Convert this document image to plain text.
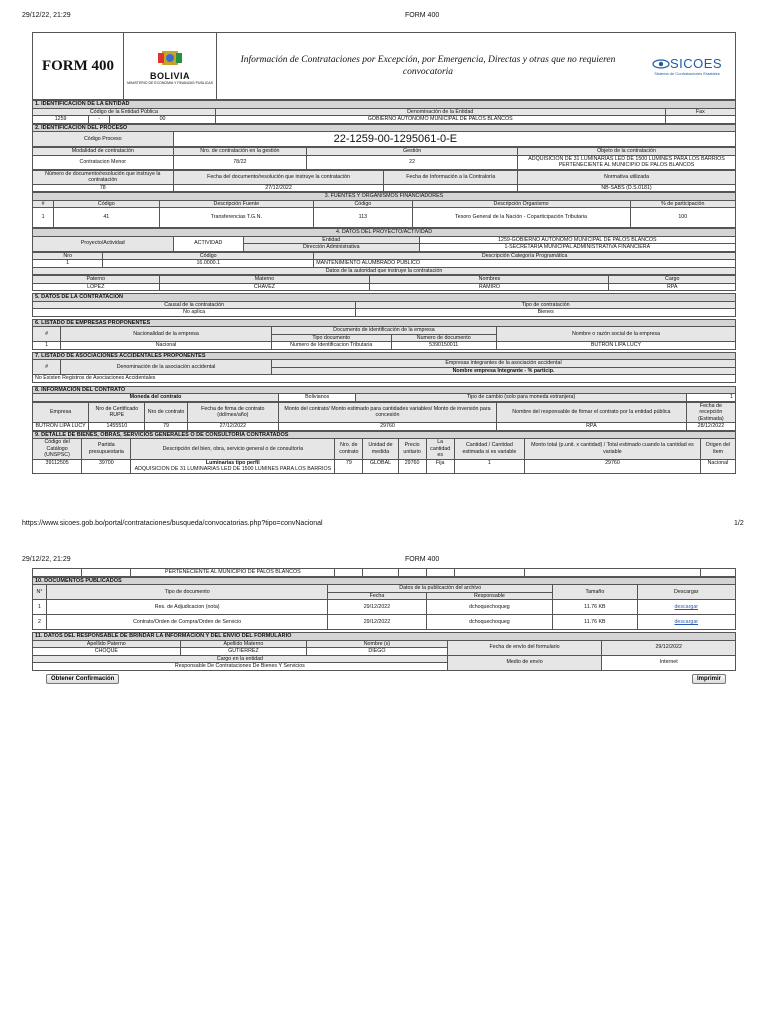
29/12/22, 21:29	FORM 400
FORM 400
BOLIVIA
MINISTERIO DE ECONOMIA Y FINANZAS PUBLICAS
Información de Contrataciones por Excepción, por Emergencia, Directas y otras que no requieren convocatoria
SICOES
Sistema de Contrataciones Estatales
1. IDENTIFICACIÓN DE LA ENTIDAD				
Código de la Entidad Pública			Denominación de la Entidad	Fax
1259	-	00	GOBIERNO AUTONOMO MUNICIPAL DE PALOS BLANCOS	
2. IDENTIFICACIÓN DEL PROCESO
Código Proceso	22-1259-00-1295061-0-E
Modalidad de contratación	Nro. de contratación en la gestión	Gestión	Objeto de la contratación
Contratacion Menor	78/22	22	ADQUISICION DE 31 LUMINARIAS LED DE 1500 LUMINES PARA LOS BARRIOS PERTENECIENTE AL MUNICIPIO DE PALOS BLANCOS
Número de documento/resolución que instruye la contratación	Fecha del documento/resolución que instruye la contratación	Fecha de Información a la Contraloría	Normativa utilizada
78	27/12/2022		NB-SABS (D.S.0181)
3. FUENTES Y ORGANISMOS FINANCIADORES					
#	Código	Descripción Fuente	Código	Descripción Organismo	% de participación
1	41	Transferencias T.G.N.	113	Tesoro General de la Nación - Coparticipación Tributaria	100
4. DATOS DEL PROYECTO/ACTIVIDAD			
Proyecto/Actividad	ACTIVIDAD	Entidad	1259-GOBIERNO AUTONOMO MUNICIPAL DE PALOS BLANCOS
		Dirección Administrativa	1-SECRETARIA MUNICIPAL ADMINISTRATIVA FINANCIERA
Nro	Código	Descripción Categoría Programática
1	16.0000.1	MANTENIMIENTO ALUMBRADO PUBLICO
Datos de la autoridad que instruye la contratación		
Paterno	Materno	Nombres	Cargo
LOPEZ	CHAVEZ	RAMIRO	RPA
5. DATOS DE LA CONTRATACIÓN	
Causal de la contratación	Tipo de contratación
No aplica	Bienes
6. LISTADO DE EMPRESAS PROPONENTES				
#	Nacionalidad de la empresa	Documento de identificación de la empresa		Nombre o razón social de la empresa
		Tipo documento	Numero de documento	
1	Nacional	Numero de Identificacion Tributaria	5390150011	BUTRON LIPA LUCY
7. LISTADO DE ASOCIACIONES ACCIDENTALES PROPONENTES
#	Denominación de la asociación accidental	Empresas integrantes de la asociación accidental
Nombre empresa Integrante - % particip.
No Existen Registros de Asociaciones Accidentales
8. INFORMACIÓN DEL CONTRATO
Moneda del contrato	Bolivianos	Tipo de cambio (solo para moneda extranjera)	1
Empresa	Nro de Certificado RUPE	Nro de contrato	Fecha de firma de contrato (dd/mes/año)	Monto del contrato/ Monto estimado para cantidades variables/ Monto de inversión para concesión	Nombre del responsable de firmar el contrato por la entidad pública	Fecha de recepción (Estimada)
BUTRON LIPA LUCY	1455510	79	27/12/2022	29760	RPA	28/12/2022
9. DETALLE DE BIENES, OBRAS, SERVICIOS GENERALES O DE CONSULTORIA CONTRATADOS									
Código del Catálogo (UNSPSC)	Partida presupuestaria	Descripción del bien, obra, servicio general o de consultoría	Nro. de contrato	Unidad de medida	Precio unitario	La cantidad es	Cantidad / Cantidad estimada si es variable	Monto total (p.unit. x cantidad) / Total estimado cuando la cantidad es variable	Origen del ítem
39112505	39700	Luminarias tipo perfil
ADQUISICION DE 31 LUMINARIAS LED DE 1500 LUMINES PARA LOS BARRIOS	79	GLOBAL	29760	Fija	1	29760	Nacional
https://www.sicoes.gob.bo/portal/contrataciones/busqueda/convocatorias.php?tipo=convNacional	1/2
29/12/22, 21:29	FORM 400
		PERTENECIENTE AL MUNICIPIO DE PALOS BLANCOS							
10. DOCUMENTOS PUBLICADOS					
N°	Tipo de documento	Datos de la publicación del archivo		Tamaño	Descargar
		Fecha	Responsable		
1	Res. de Adjudicacion (nota)	29/12/2022	dchoquechoqueg	11.76 KB	descargar
2	Contrato/Orden de Compra/Orden de Servicio	29/12/2022	dchoquechoqueg	11.76 KB	descargar
11. DATOS DEL RESPONSABLE DE BRINDAR LA INFORMACION Y DEL ENVIO DEL FORMULARIO				
Apellido Paterno	Apellido Materno	Nombre (s)	Fecha de envío del formulario	29/12/2022
CHOQUE	GUTIERREZ	DIEGO		
Cargo en la entidad			Medio de envío	Internet
Responsable De Contrataciones De Bienes Y Servicios				
Obtener Confirmación	Imprimir
